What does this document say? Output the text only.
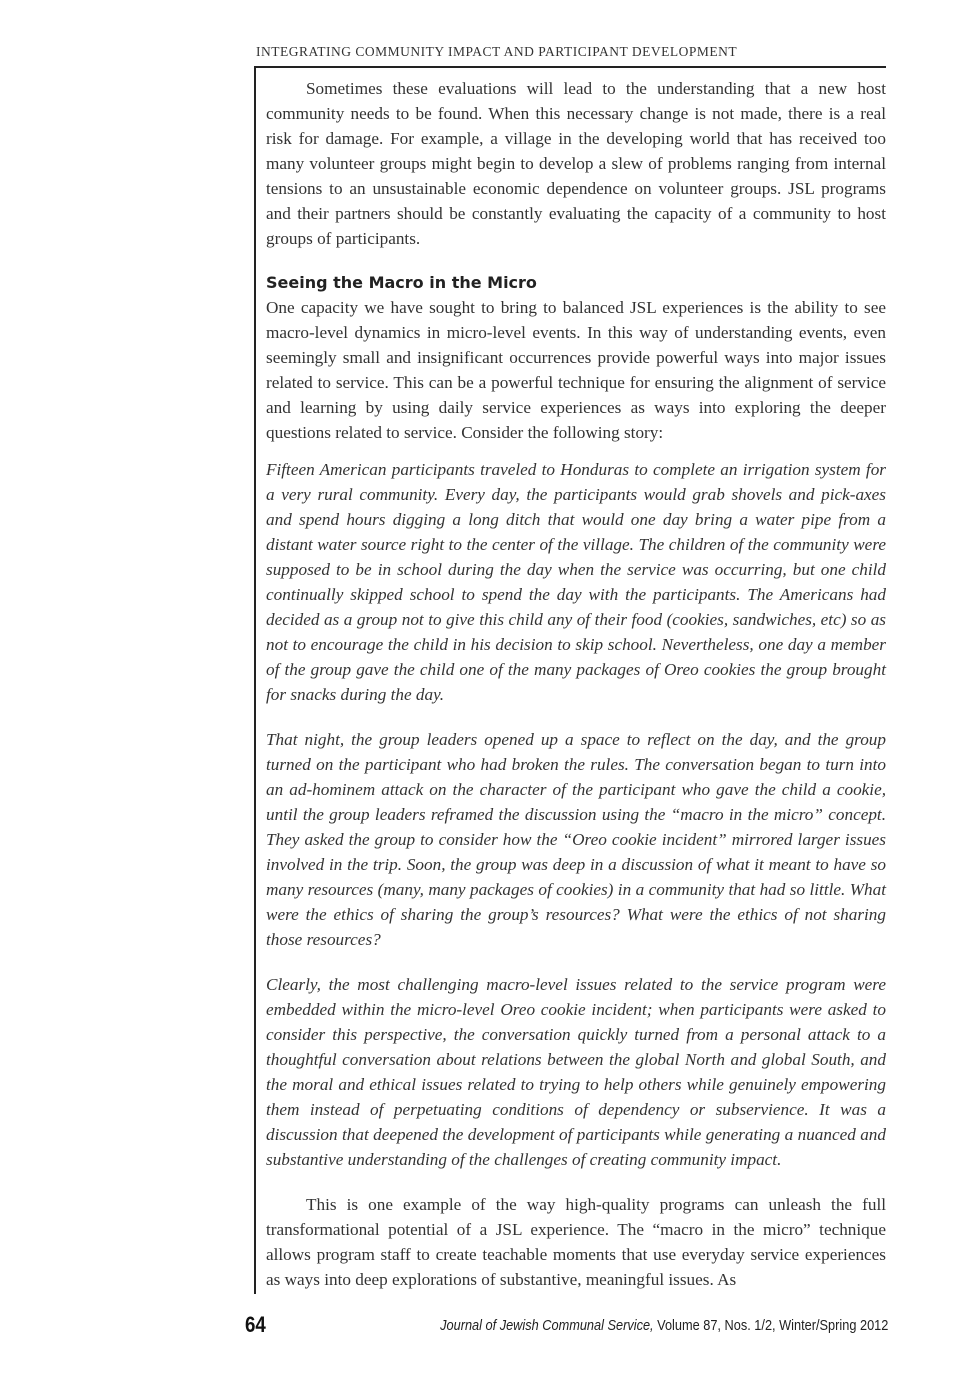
INTEGRATING COMMUNITY IMPACT AND PARTICIPANT DEVELOPMENT

Sometimes these evaluations will lead to the understanding that a new host community needs to be found. When this necessary change is not made, there is a real risk for damage. For example, a village in the developing world that has received too many volunteer groups might begin to develop a slew of problems ranging from internal tensions to an unsustainable economic dependence on volunteer groups. JSL programs and their partners should be constantly evaluating the capacity of a community to host groups of participants.

Seeing the Macro in the Micro

One capacity we have sought to bring to balanced JSL experiences is the ability to see macro-level dynamics in micro-level events. In this way of understanding events, even seemingly small and insignificant occurrences provide powerful ways into major issues related to service. This can be a powerful technique for ensuring the alignment of service and learning by using daily service experiences as ways into exploring the deeper questions related to service. Consider the following story:

Fifteen American participants traveled to Honduras to complete an irrigation system for a very rural community. Every day, the participants would grab shovels and pick-axes and spend hours digging a long ditch that would one day bring a water pipe from a distant water source right to the center of the village. The children of the community were supposed to be in school during the day when the service was occurring, but one child continually skipped school to spend the day with the participants. The Americans had decided as a group not to give this child any of their food (cookies, sandwiches, etc) so as not to encourage the child in his decision to skip school. Nevertheless, one day a member of the group gave the child one of the many packages of Oreo cookies the group brought for snacks during the day.

That night, the group leaders opened up a space to reflect on the day, and the group turned on the participant who had broken the rules. The conversation began to turn into an ad-hominem attack on the character of the participant who gave the child a cookie, until the group leaders reframed the discussion using the “macro in the micro” concept. They asked the group to consider how the “Oreo cookie incident” mirrored larger issues involved in the trip. Soon, the group was deep in a discussion of what it meant to have so many resources (many, many packages of cookies) in a community that had so little. What were the ethics of sharing the group’s resources? What were the ethics of not sharing those resources?

Clearly, the most challenging macro-level issues related to the service program were embedded within the micro-level Oreo cookie incident; when participants were asked to consider this perspective, the conversation quickly turned from a personal attack to a thoughtful conversation about relations between the global North and global South, and the moral and ethical issues related to trying to help others while genuinely empowering them instead of perpetuating conditions of dependency or subservience. It was a discussion that deepened the development of participants while generating a nuanced and substantive understanding of the challenges of creating community impact.

This is one example of the way high-quality programs can unleash the full transformational potential of a JSL experience. The “macro in the micro” technique allows program staff to create teachable moments that use everyday service experiences as ways into deep explorations of substantive, meaningful issues. As

64	Journal of Jewish Communal Service, Volume 87, Nos. 1/2, Winter/Spring 2012
